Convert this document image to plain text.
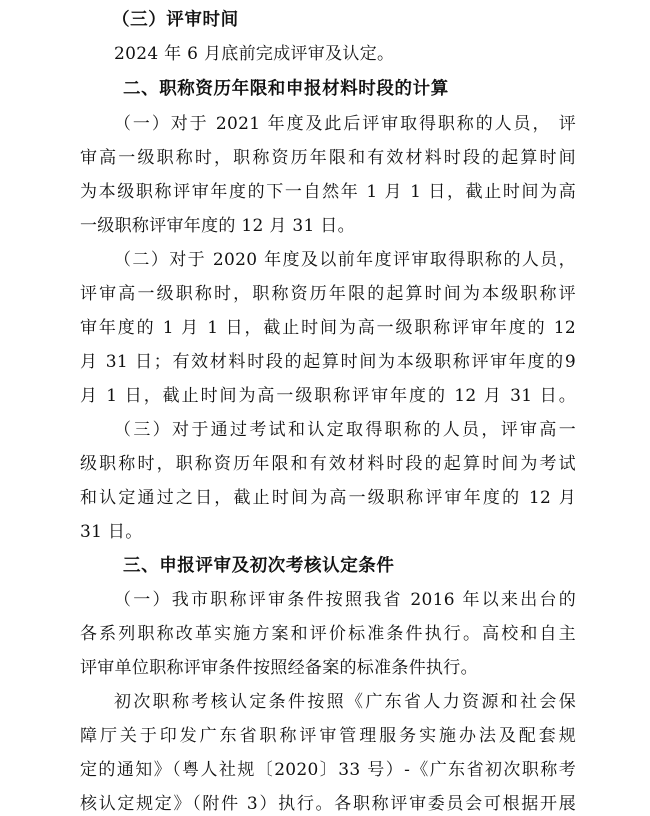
（三）评审时间
2024 年 6 月底前完成评审及认定。
二、职称资历年限和申报材料时段的计算
（一）对于 2021 年度及此后评审取得职称的人员， 评
审高一级职称时，职称资历年限和有效材料时段的起算时间
为本级职称评审年度的下一自然年 1 月 1 日，截止时间为高
一级职称评审年度的 12 月 31 日。
（二）对于 2020 年度及以前年度评审取得职称的人员，
评审高一级职称时，职称资历年限的起算时间为本级职称评
审年度的 1 月 1 日，截止时间为高一级职称评审年度的 12
月 31 日；有效材料时段的起算时间为本级职称评审年度的9
月 1 日，截止时间为高一级职称评审年度的 12 月 31 日。
（三）对于通过考试和认定取得职称的人员，评审高一
级职称时，职称资历年限和有效材料时段的起算时间为考试
和认定通过之日，截止时间为高一级职称评审年度的 12 月
31 日。
三、申报评审及初次考核认定条件
（一）我市职称评审条件按照我省 2016 年以来出台的
各系列职称改革实施方案和评价标准条件执行。高校和自主
评审单位职称评审条件按照经备案的标准条件执行。
初次职称考核认定条件按照《广东省人力资源和社会保
障厅关于印发广东省职称评审管理服务实施办法及配套规
定的通知》（粤人社规〔2020〕33 号）-《广东省初次职称考
核认定规定》（附件 3）执行。各职称评审委员会可根据开展
